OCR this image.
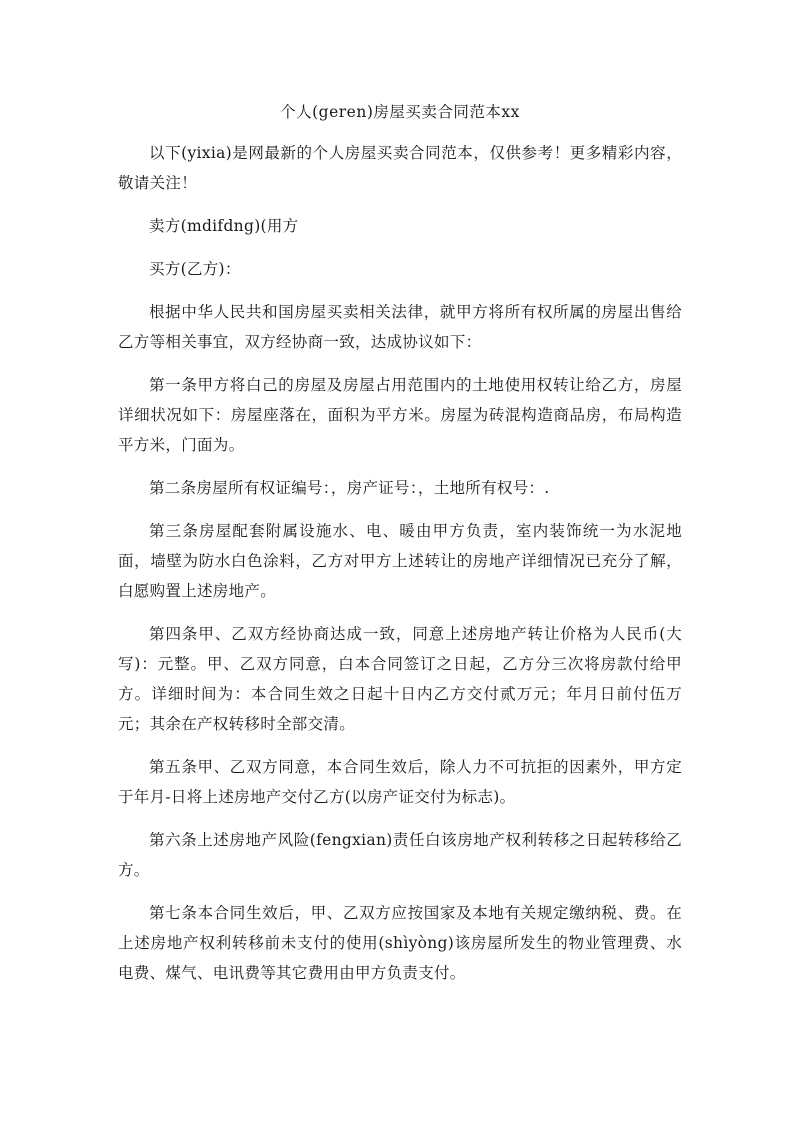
个人(geren)房屋买卖合同范本xx

以下(yixia)是网最新的个人房屋买卖合同范本，仅供参考！更多精彩内容，敬请关注！

卖方(mdifdng)(用方

买方(乙方)：

根据中华人民共和国房屋买卖相关法律，就甲方将所有权所属的房屋出售给乙方等相关事宜，双方经协商一致，达成协议如下：

第一条甲方将白己的房屋及房屋占用范围内的土地使用权转让给乙方，房屋详细状况如下：房屋座落在，面积为平方米。房屋为砖混构造商品房，布局构造平方米，门面为。

第二条房屋所有权证编号：，房产证号：，土地所有权号：.

第三条房屋配套附属设施水、电、暖由甲方负责，室内装饰统一为水泥地面，墙壁为防水白色涂料，乙方对甲方上述转让的房地产详细情况已充分了解，白愿购置上述房地产。

第四条甲、乙双方经协商达成一致，同意上述房地产转让价格为人民币(大写)：元整。甲、乙双方同意，白本合同签订之日起，乙方分三次将房款付给甲方。详细时间为：本合同生效之日起十日内乙方交付贰万元；年月日前付伍万元；其余在产权转移时全部交清。

第五条甲、乙双方同意，本合同生效后，除人力不可抗拒的因素外，甲方定于年月-日将上述房地产交付乙方(以房产证交付为标志)。

第六条上述房地产风险(fengxian)责任白该房地产权利转移之日起转移给乙方。

第七条本合同生效后，甲、乙双方应按国家及本地有关规定缴纳税、费。在上述房地产权利转移前未支付的使用(shìyòng)该房屋所发生的物业管理费、水电费、煤气、电讯费等其它费用由甲方负责支付。
